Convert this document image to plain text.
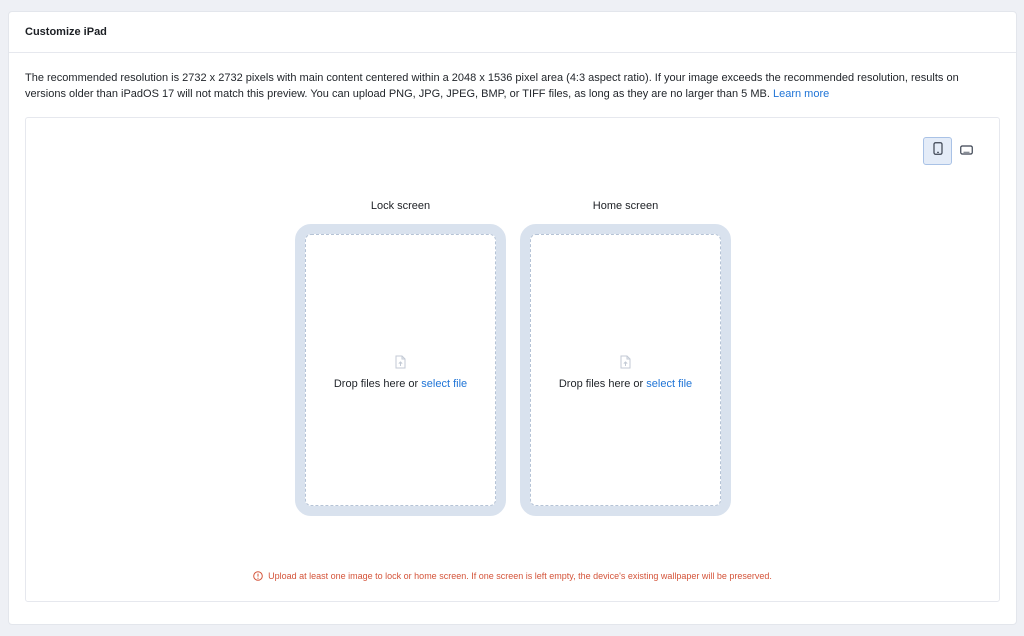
Customize iPad

The recommended resolution is 2732 x 2732 pixels with main content centered within a 2048 x 1536 pixel area (4:3 aspect ratio). If your image exceeds the recommended resolution, results on versions older than iPadOS 17 will not match this preview. You can upload PNG, JPG, JPEG, BMP, or TIFF files, as long as they are no larger than 5 MB. Learn more

Lock screen
Drop files here or select file
Home screen
Drop files here or select file
Upload at least one image to lock or home screen. If one screen is left empty, the device's existing wallpaper will be preserved.
